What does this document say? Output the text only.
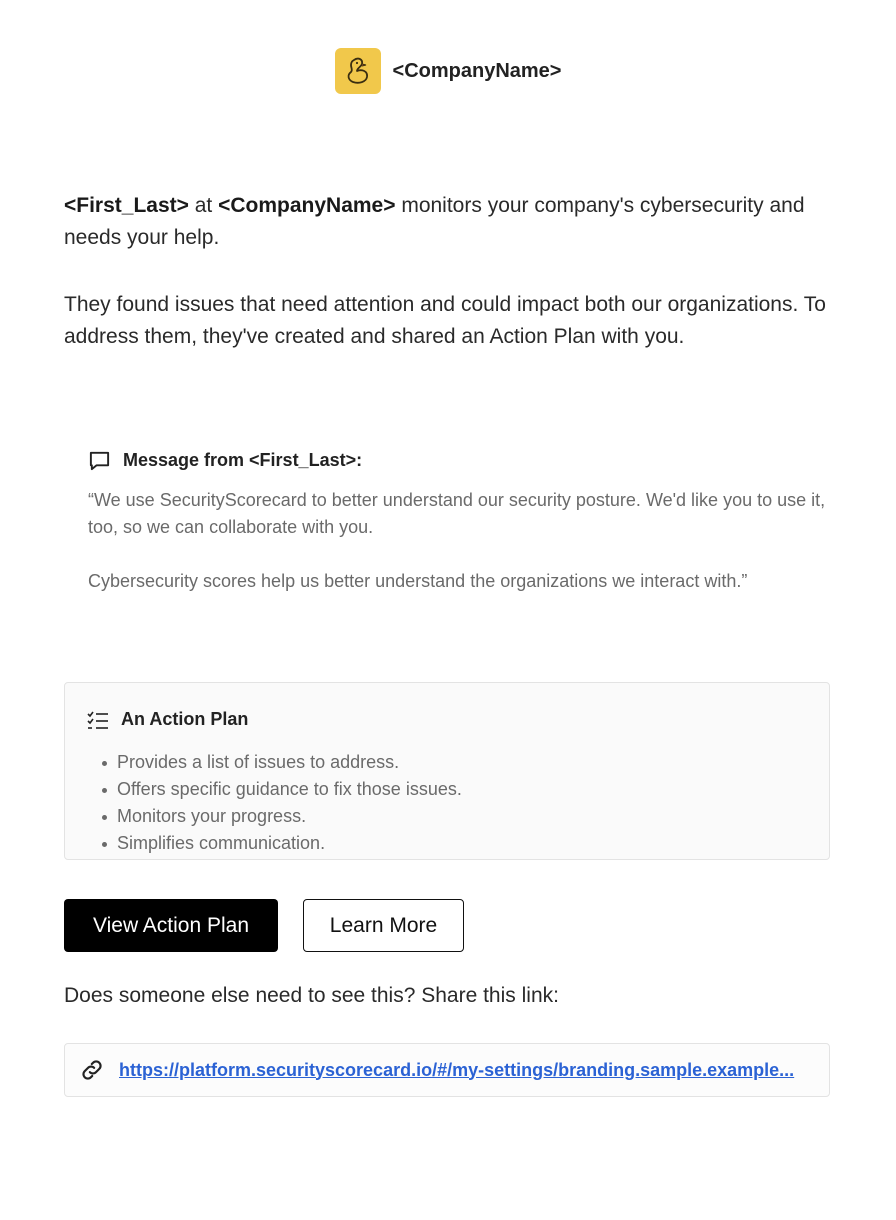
<CompanyName>

<First_Last> at <CompanyName> monitors your company's cybersecurity and needs your help.

They found issues that need attention and could impact both our organizations. To address them, they've created and shared an Action Plan with you.

Message from <First_Last>:

“We use SecurityScorecard to better understand our security posture. We'd like you to use it, too, so we can collaborate with you.

Cybersecurity scores help us better understand the organizations we interact with.”

An Action Plan
Provides a list of issues to address.
Offers specific guidance to fix those issues.
Monitors your progress.
Simplifies communication.
View Action Plan	Learn More
Does someone else need to see this? Share this link:
https://platform.securityscorecard.io/#/my-settings/branding.sample.example...
